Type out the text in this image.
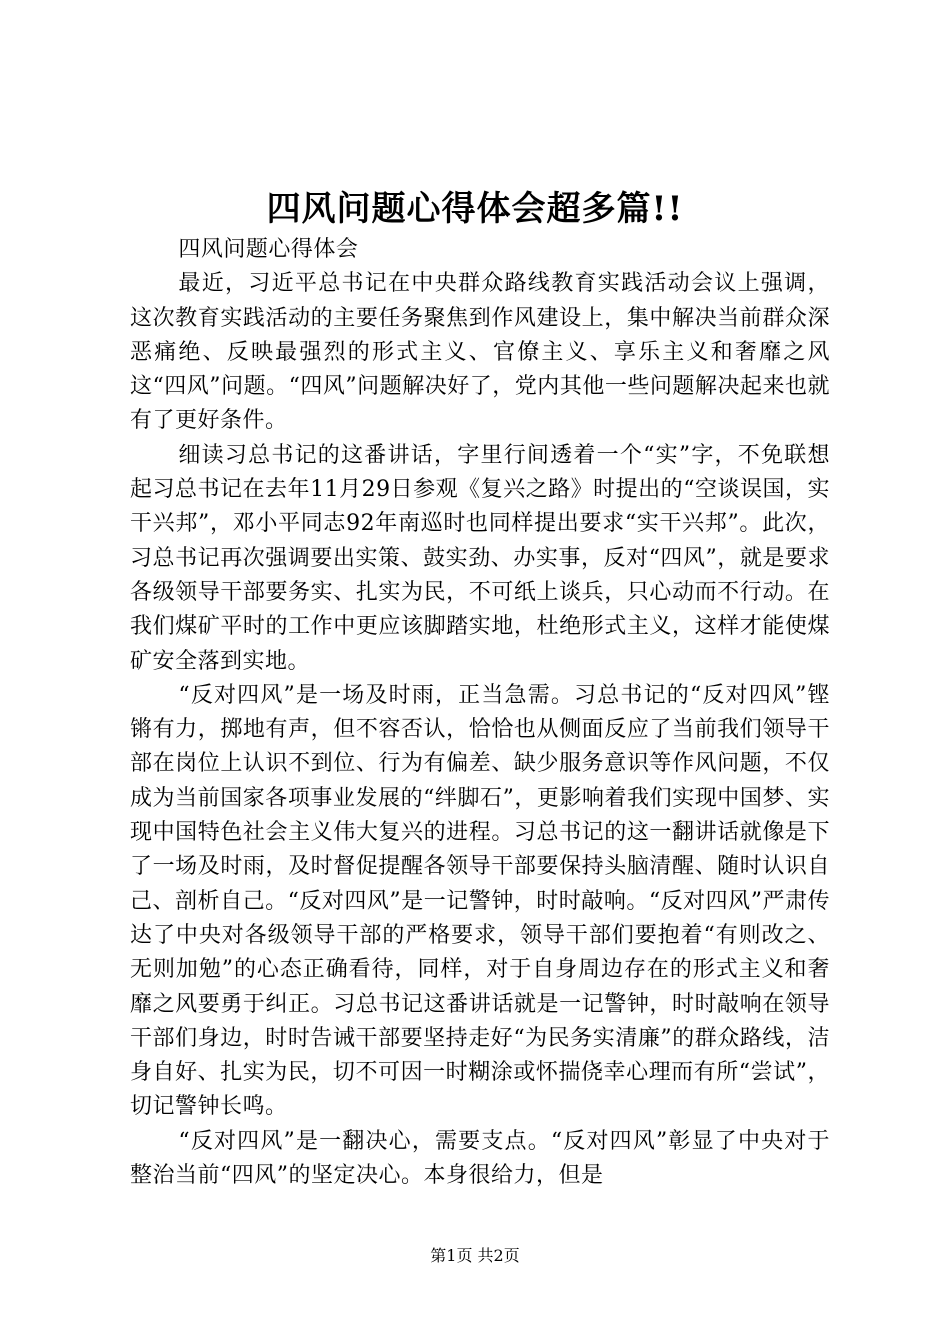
四风问题心得体会超多篇!!

四风问题心得体会

最近，习近平总书记在中央群众路线教育实践活动会议上强调，这次教育实践活动的主要任务聚焦到作风建设上，集中解决当前群众深恶痛绝、反映最强烈的形式主义、官僚主义、享乐主义和奢靡之风这“四风”问题。“四风”问题解决好了，党内其他一些问题解决起来也就有了更好条件。

细读习总书记的这番讲话，字里行间透着一个“实”字，不免联想起习总书记在去年11月29日参观《复兴之路》时提出的“空谈误国，实干兴邦”，邓小平同志92年南巡时也同样提出要求“实干兴邦”。此次，习总书记再次强调要出实策、鼓实劲、办实事，反对“四风”，就是要求各级领导干部要务实、扎实为民，不可纸上谈兵，只心动而不行动。在我们煤矿平时的工作中更应该脚踏实地，杜绝形式主义，这样才能使煤矿安全落到实地。

“反对四风”是一场及时雨，正当急需。习总书记的“反对四风”铿锵有力，掷地有声，但不容否认，恰恰也从侧面反应了当前我们领导干部在岗位上认识不到位、行为有偏差、缺少服务意识等作风问题，不仅成为当前国家各项事业发展的“绊脚石”，更影响着我们实现中国梦、实现中国特色社会主义伟大复兴的进程。习总书记的这一翻讲话就像是下了一场及时雨，及时督促提醒各领导干部要保持头脑清醒、随时认识自己、剖析自己。“反对四风”是一记警钟，时时敲响。“反对四风”严肃传达了中央对各级领导干部的严格要求，领导干部们要抱着“有则改之、无则加勉”的心态正确看待，同样，对于自身周边存在的形式主义和奢靡之风要勇于纠正。习总书记这番讲话就是一记警钟，时时敲响在领导干部们身边，时时告诫干部要坚持走好“为民务实清廉”的群众路线，洁身自好、扎实为民，切不可因一时糊涂或怀揣侥幸心理而有所“尝试”，切记警钟长鸣。

“反对四风”是一翻决心，需要支点。“反对四风”彰显了中央对于整治当前“四风”的坚定决心。本身很给力，但是

第1页 共2页
